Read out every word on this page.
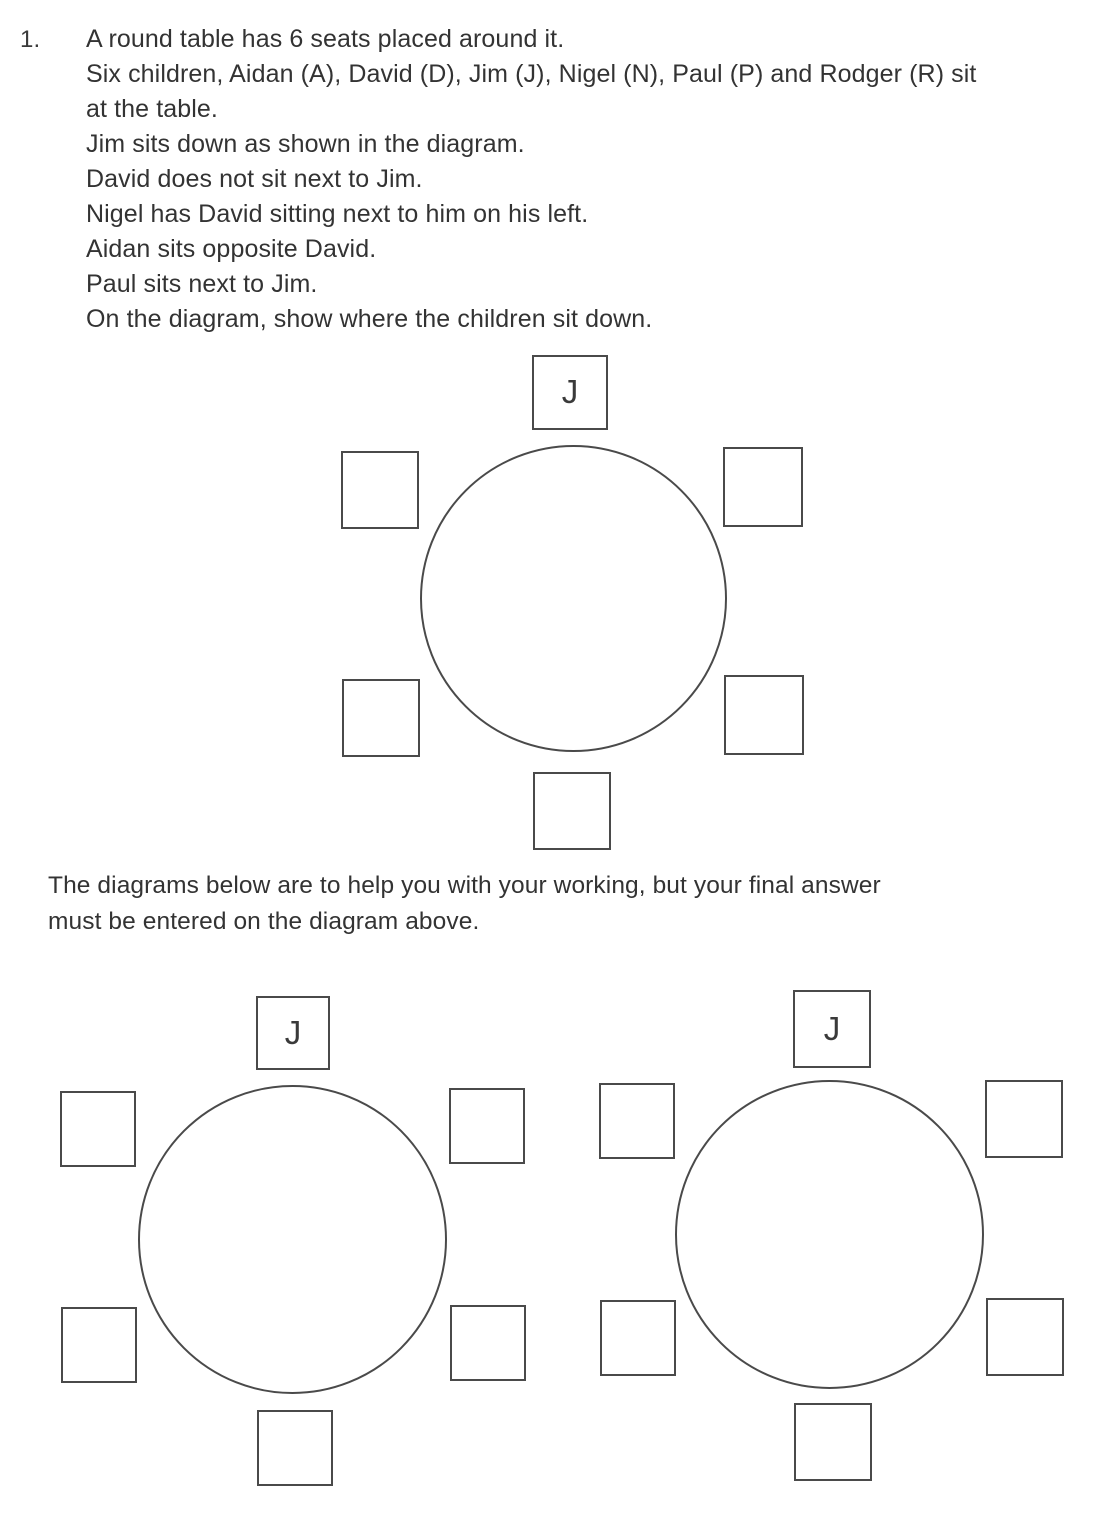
1. A round table has 6 seats placed around it.
Six children, Aidan (A), David (D), Jim (J), Nigel (N), Paul (P) and Rodger (R) sit
at the table.
Jim sits down as shown in the diagram.
David does not sit next to Jim.
Nigel has David sitting next to him on his left.
Aidan sits opposite David.
Paul sits next to Jim.
On the diagram, show where the children sit down.
J
The diagrams below are to help you with your working, but your final answer
must be entered on the diagram above.
J	J
